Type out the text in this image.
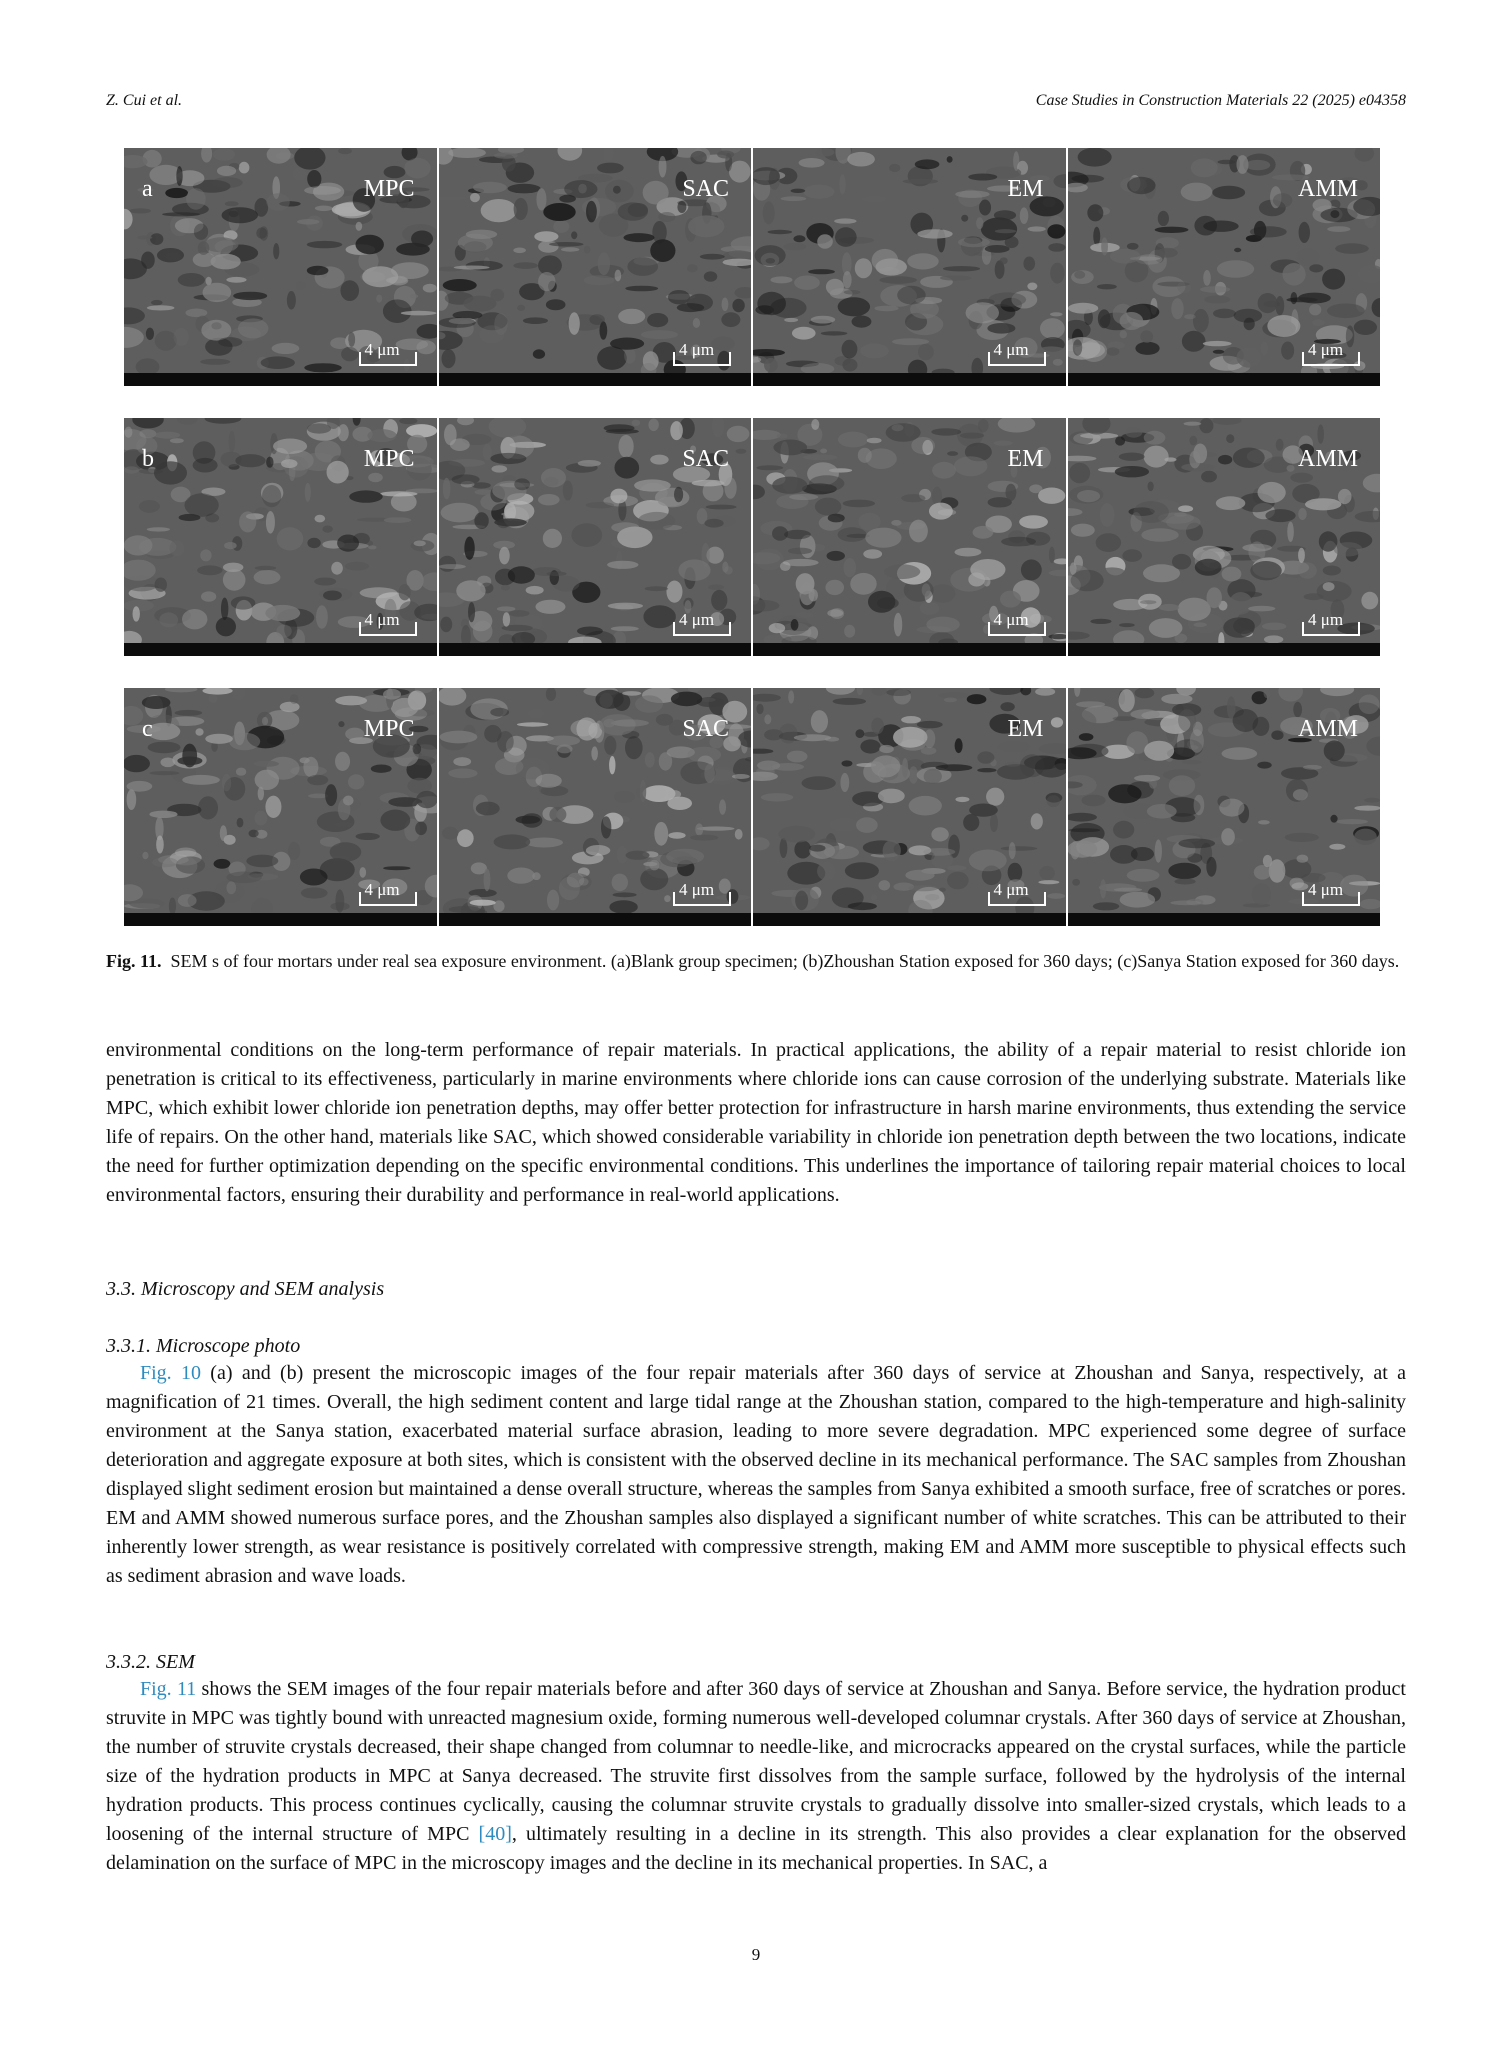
Z. Cui et al.	Case Studies in Construction Materials 22 (2025) e04358
a	MPC
4 μm
SAC
4 μm
EM
4 μm
AMM
4 μm
b	MPC
4 μm
SAC
4 μm
EM
4 μm
AMM
4 μm
c	MPC
4 μm
SAC
4 μm
EM
4 μm
AMM
4 μm
Fig. 11. SEM s of four mortars under real sea exposure environment. (a)Blank group specimen; (b)Zhoushan Station exposed for 360 days; (c)Sanya Station exposed for 360 days.

environmental conditions on the long-term performance of repair materials. In practical applications, the ability of a repair material to resist chloride ion penetration is critical to its effectiveness, particularly in marine environments where chloride ions can cause corrosion of the underlying substrate. Materials like MPC, which exhibit lower chloride ion penetration depths, may offer better protection for infrastructure in harsh marine environments, thus extending the service life of repairs. On the other hand, materials like SAC, which showed considerable variability in chloride ion penetration depth between the two locations, indicate the need for further optimization depending on the specific environmental conditions. This underlines the importance of tailoring repair material choices to local environmental factors, ensuring their durability and performance in real-world applications.

3.3. Microscopy and SEM analysis
3.3.1. Microscope photo

Fig. 10 (a) and (b) present the microscopic images of the four repair materials after 360 days of service at Zhoushan and Sanya, respectively, at a magnification of 21 times. Overall, the high sediment content and large tidal range at the Zhoushan station, compared to the high-temperature and high-salinity environment at the Sanya station, exacerbated material surface abrasion, leading to more severe degradation. MPC experienced some degree of surface deterioration and aggregate exposure at both sites, which is consistent with the observed decline in its mechanical performance. The SAC samples from Zhoushan displayed slight sediment erosion but maintained a dense overall structure, whereas the samples from Sanya exhibited a smooth surface, free of scratches or pores. EM and AMM showed numerous surface pores, and the Zhoushan samples also displayed a significant number of white scratches. This can be attributed to their inherently lower strength, as wear resistance is positively correlated with compressive strength, making EM and AMM more susceptible to physical effects such as sediment abrasion and wave loads.

3.3.2. SEM

Fig. 11 shows the SEM images of the four repair materials before and after 360 days of service at Zhoushan and Sanya. Before service, the hydration product struvite in MPC was tightly bound with unreacted magnesium oxide, forming numerous well-developed columnar crystals. After 360 days of service at Zhoushan, the number of struvite crystals decreased, their shape changed from columnar to needle-like, and microcracks appeared on the crystal surfaces, while the particle size of the hydration products in MPC at Sanya decreased. The struvite first dissolves from the sample surface, followed by the hydrolysis of the internal hydration products. This process continues cyclically, causing the columnar struvite crystals to gradually dissolve into smaller-sized crystals, which leads to a loosening of the internal structure of MPC [40], ultimately resulting in a decline in its strength. This also provides a clear explanation for the observed delamination on the surface of MPC in the microscopy images and the decline in its mechanical properties. In SAC, a

9
